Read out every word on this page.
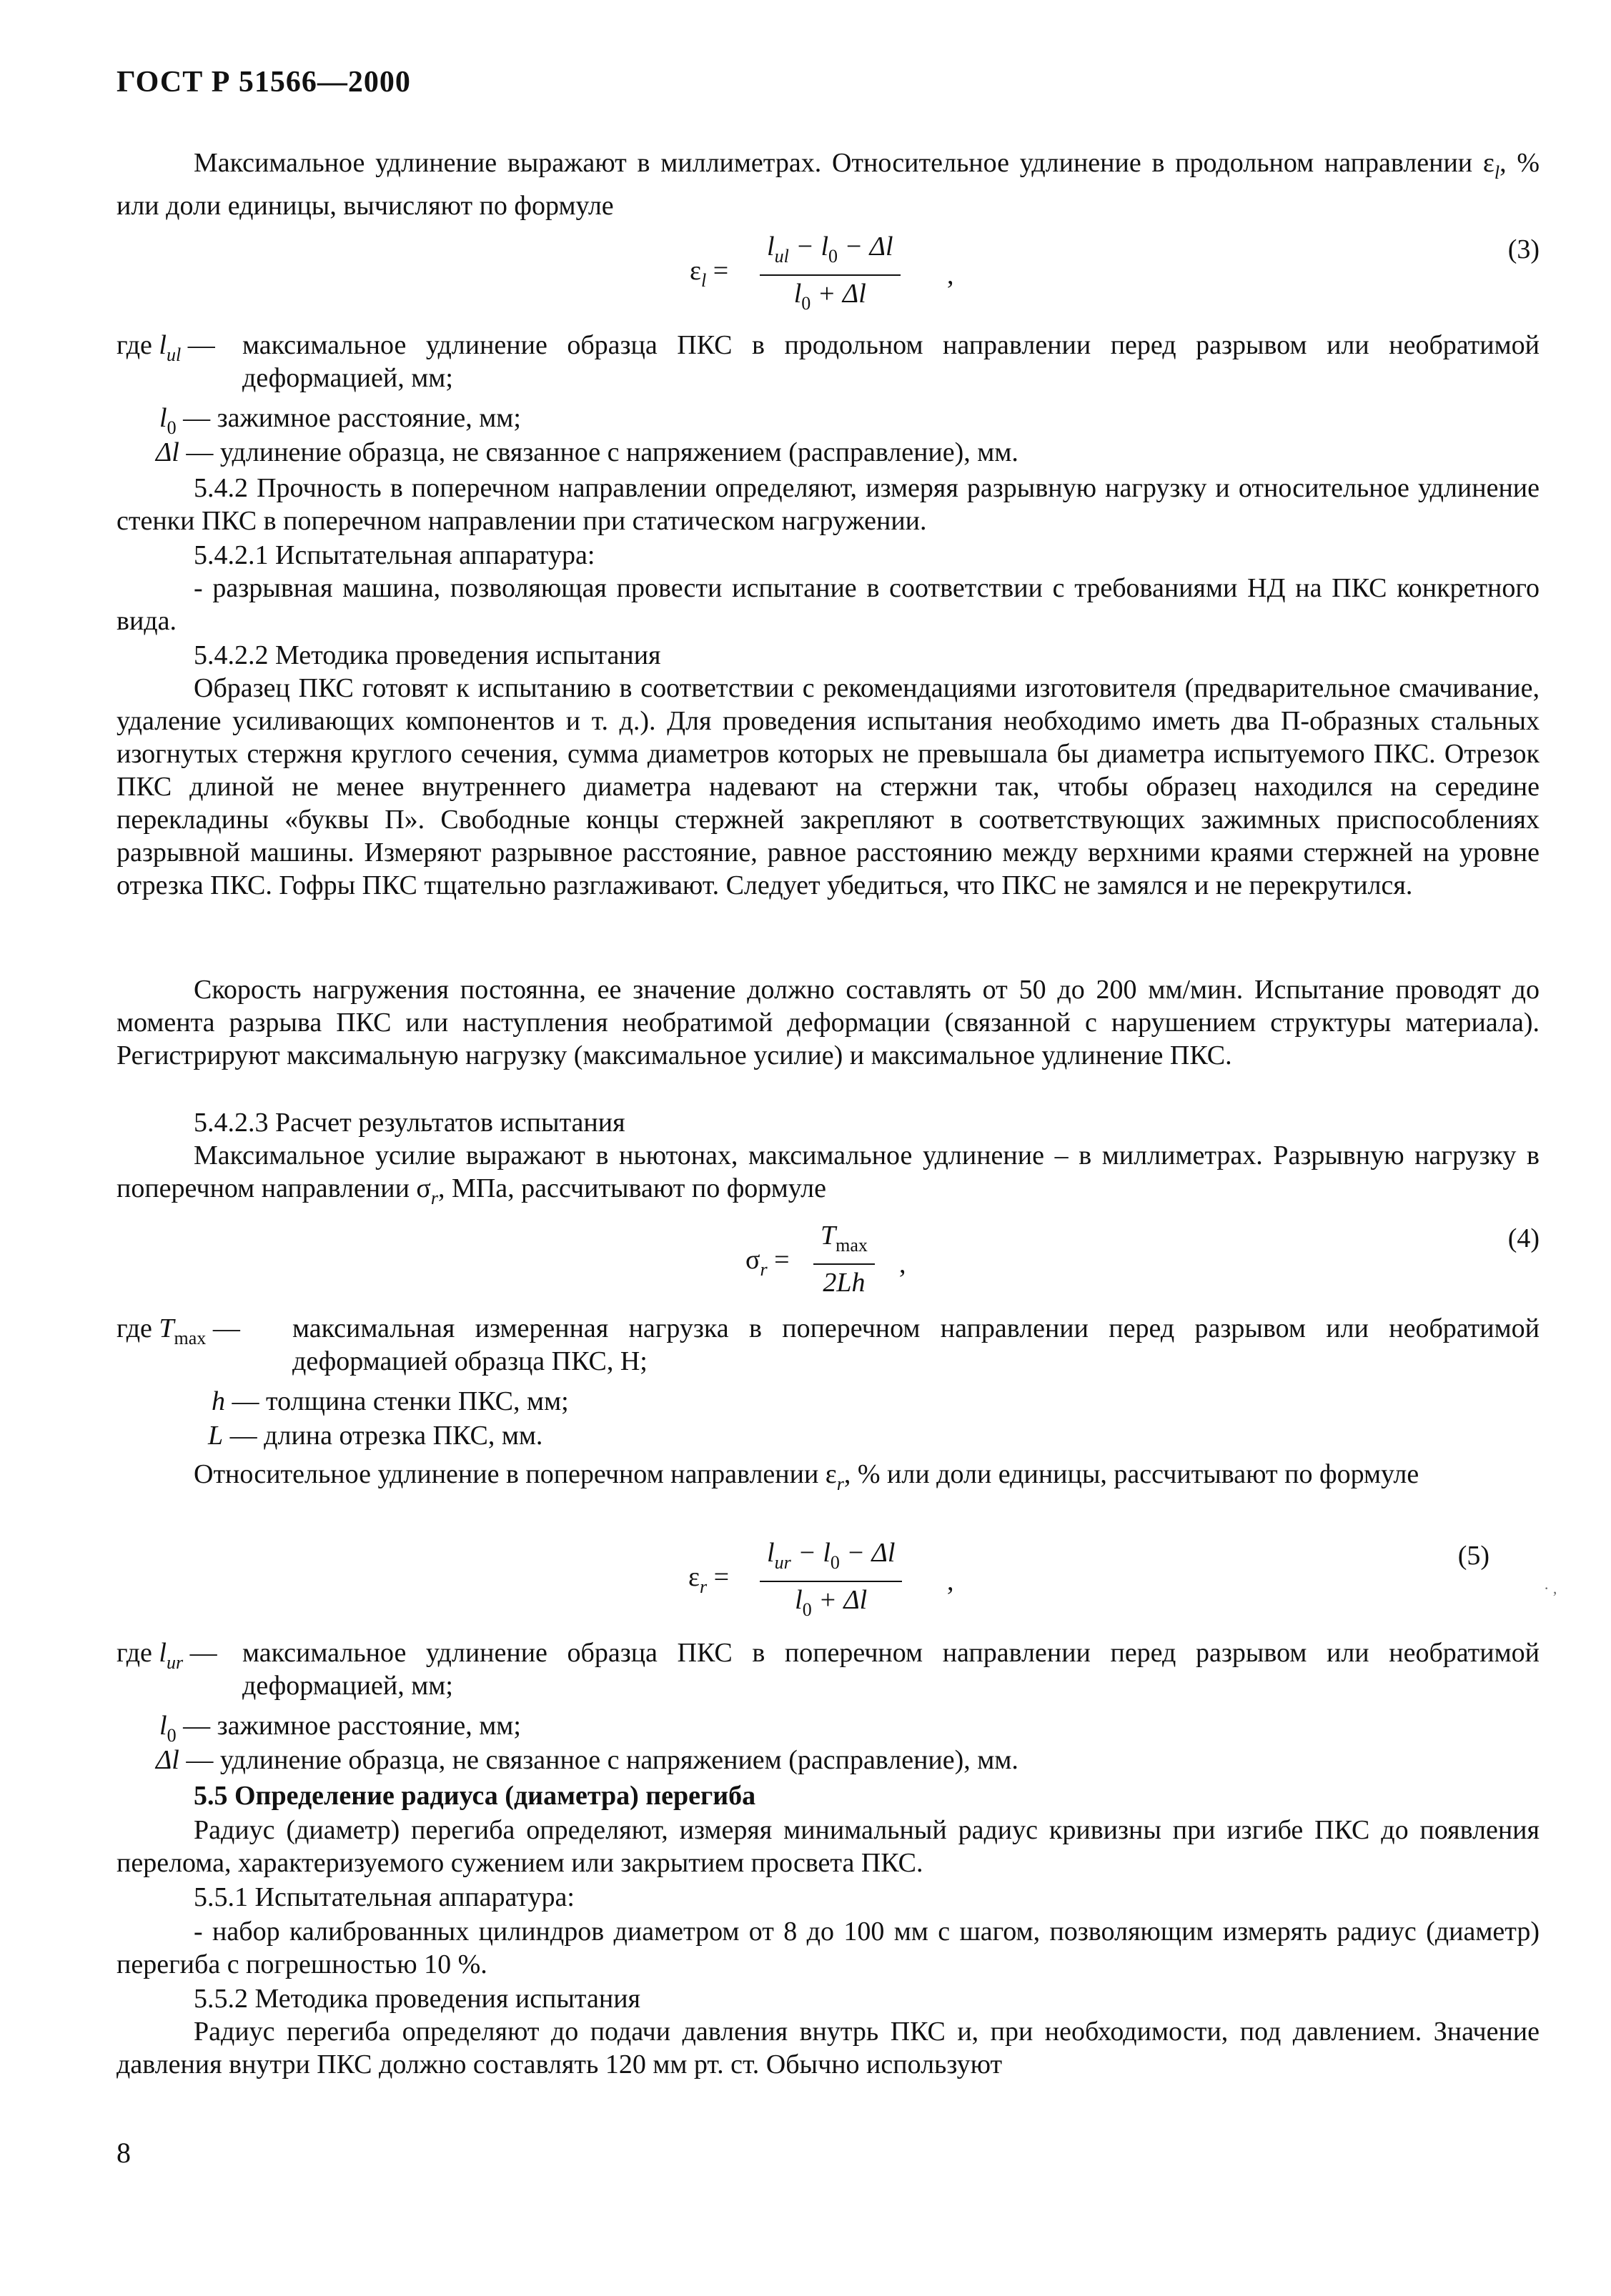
ГОСТ Р 51566—2000
Максимальное удлинение выражают в миллиметрах. Относительное удлинение в продольном направлении $\varepsilon_l$, % или доли единицы, вычисляют по формуле
$\varepsilon_l$ =
$l_{ul} - l_0 - \Delta l$
$l_0 + \Delta l$
,
(3)
где $l_{ul}$ — максимальное удлинение образца ПКС в продольном направлении перед разрывом или необратимой деформацией, мм;
$l_0$ — зажимное расстояние, мм;
Δl — удлинение образца, не связанное с напряжением (расправление), мм.
5.4.2 Прочность в поперечном направлении определяют, измеряя разрывную нагрузку и относительное удлинение стенки ПКС в поперечном направлении при статическом нагружении.
5.4.2.1 Испытательная аппаратура:
- разрывная машина, позволяющая провести испытание в соответствии с требованиями НД на ПКС конкретного вида.
5.4.2.2 Методика проведения испытания
Образец ПКС готовят к испытанию в соответствии с рекомендациями изготовителя (предварительное смачивание, удаление усиливающих компонентов и т. д.). Для проведения испытания необходимо иметь два П-образных стальных изогнутых стержня круглого сечения, сумма диаметров которых не превышала бы диаметра испытуемого ПКС. Отрезок ПКС длиной не менее внутреннего диаметра надевают на стержни так, чтобы образец находился на середине перекладины «буквы П». Свободные концы стержней закрепляют в соответствующих зажимных приспособлениях разрывной машины. Измеряют разрывное расстояние, равное расстоянию между верхними краями стержней на уровне отрезка ПКС. Гофры ПКС тщательно разглаживают. Следует убедиться, что ПКС не замялся и не перекрутился.
Скорость нагружения постоянна, ее значение должно составлять от 50 до 200 мм/мин. Испытание проводят до момента разрыва ПКС или наступления необратимой деформации (связанной с нарушением структуры материала). Регистрируют максимальную нагрузку (максимальное усилие) и максимальное удлинение ПКС.
5.4.2.3 Расчет результатов испытания
Максимальное усилие выражают в ньютонах, максимальное удлинение – в миллиметрах. Разрывную нагрузку в поперечном направлении $\sigma_r$, МПа, рассчитывают по формуле
$\sigma_r$ =
$T_{max}$
2Lh
,
(4)
где $T_{max}$ — максимальная измеренная нагрузка в поперечном направлении перед разрывом или необратимой деформацией образца ПКС, Н;
h — толщина стенки ПКС, мм;
L — длина отрезка ПКС, мм.
Относительное удлинение в поперечном направлении $\varepsilon_r$, % или доли единицы, рассчитывают по формуле
$\varepsilon_r$ =
$l_{ur} - l_0 - \Delta l$
$l_0 + \Delta l$
,
(5)
· ,
где $l_{ur}$ — максимальное удлинение образца ПКС в поперечном направлении перед разрывом или необратимой деформацией, мм;
$l_0$ — зажимное расстояние, мм;
Δl — удлинение образца, не связанное с напряжением (расправление), мм.
5.5 Определение радиуса (диаметра) перегиба
Радиус (диаметр) перегиба определяют, измеряя минимальный радиус кривизны при изгибе ПКС до появления перелома, характеризуемого сужением или закрытием просвета ПКС.
5.5.1 Испытательная аппаратура:
- набор калиброванных цилиндров диаметром от 8 до 100 мм с шагом, позволяющим измерять радиус (диаметр) перегиба с погрешностью 10 %.
5.5.2 Методика проведения испытания
Радиус перегиба определяют до подачи давления внутрь ПКС и, при необходимости, под давлением. Значение давления внутри ПКС должно составлять 120 мм рт. ст. Обычно используют
8
